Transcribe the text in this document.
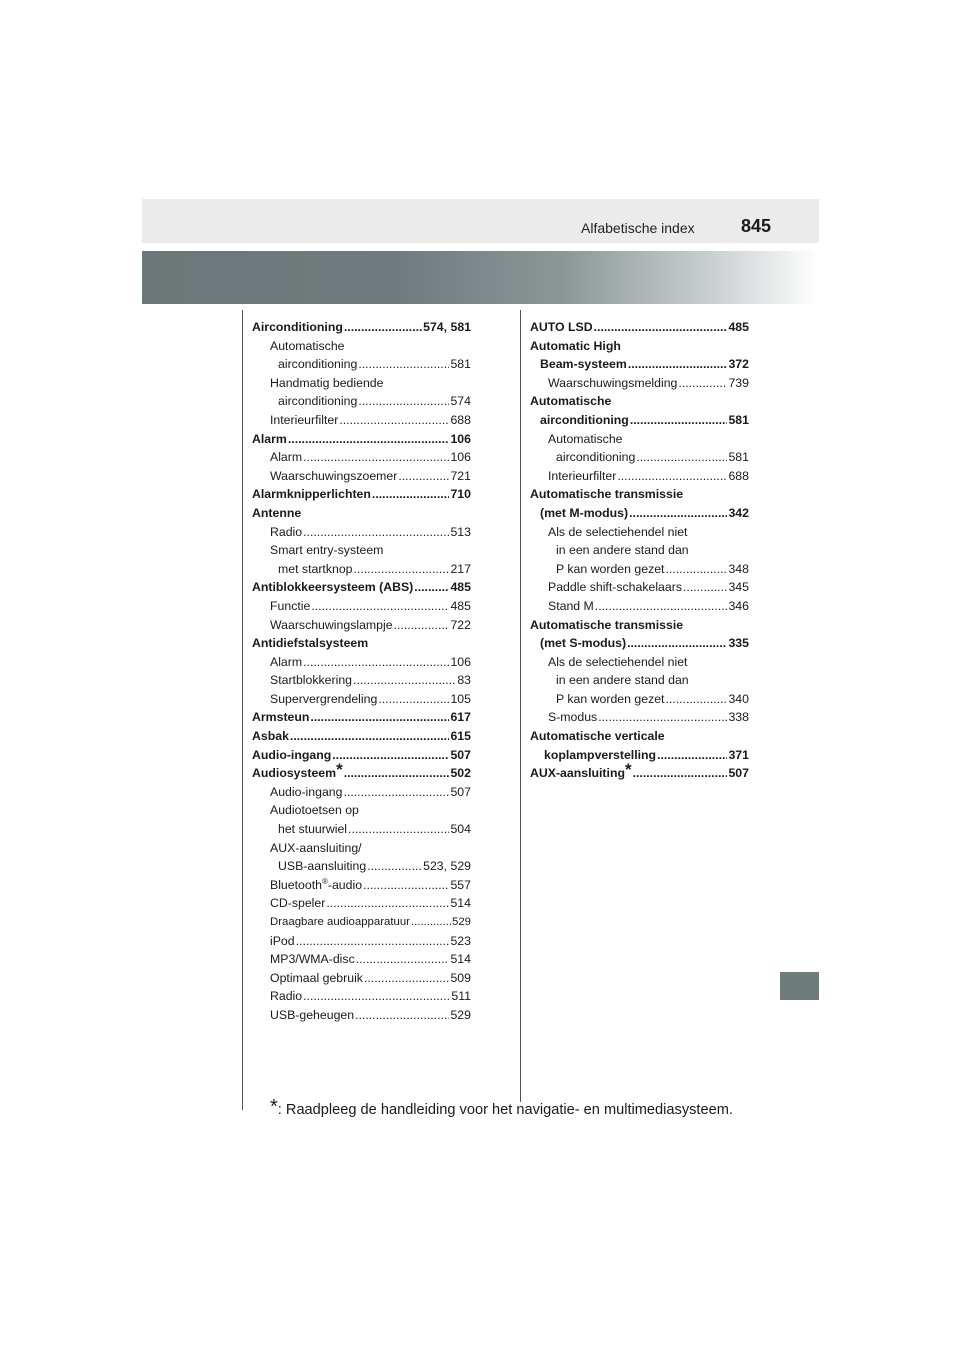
Alfabetische index	845
Airconditioning .....	574, 581
Automatische
airconditioning .....	581
Handmatig bediende
airconditioning .....	574
Interieurfilter .....	688
Alarm .....	106
Alarm .....	106
Waarschuwingszoemer .....	721
Alarmknipperlichten .....	710
Antenne
Radio .....	513
Smart entry-systeem
met startknop .....	217
Antiblokkeersysteem (ABS) .....	485
Functie .....	485
Waarschuwingslampje .....	722
Antidiefstalsysteem
Alarm .....	106
Startblokkering .....	83
Supervergrendeling .....	105
Armsteun .....	617
Asbak .....	615
Audio-ingang .....	507
Audiosysteem* .....	502
Audio-ingang .....	507
Audiotoetsen op
het stuurwiel .....	504
AUX-aansluiting/
USB-aansluiting .....	523, 529
Bluetooth®-audio .....	557
CD-speler .....	514
Draagbare audioapparatuur .....	529
iPod .....	523
MP3/WMA-disc .....	514
Optimaal gebruik .....	509
Radio .....	511
USB-geheugen .....	529
AUTO LSD .....	485
Automatic High
Beam-systeem .....	372
Waarschuwingsmelding .....	739
Automatische
airconditioning .....	581
Automatische
airconditioning .....	581
Interieurfilter .....	688
Automatische transmissie
(met M-modus) .....	342
Als de selectiehendel niet
in een andere stand dan
P kan worden gezet .....	348
Paddle shift-schakelaars .....	345
Stand M .....	346
Automatische transmissie
(met S-modus) .....	335
Als de selectiehendel niet
in een andere stand dan
P kan worden gezet .....	340
S-modus .....	338
Automatische verticale
koplampverstelling .....	371
AUX-aansluiting* .....	507
*: Raadpleeg de handleiding voor het navigatie- en multimediasysteem.
